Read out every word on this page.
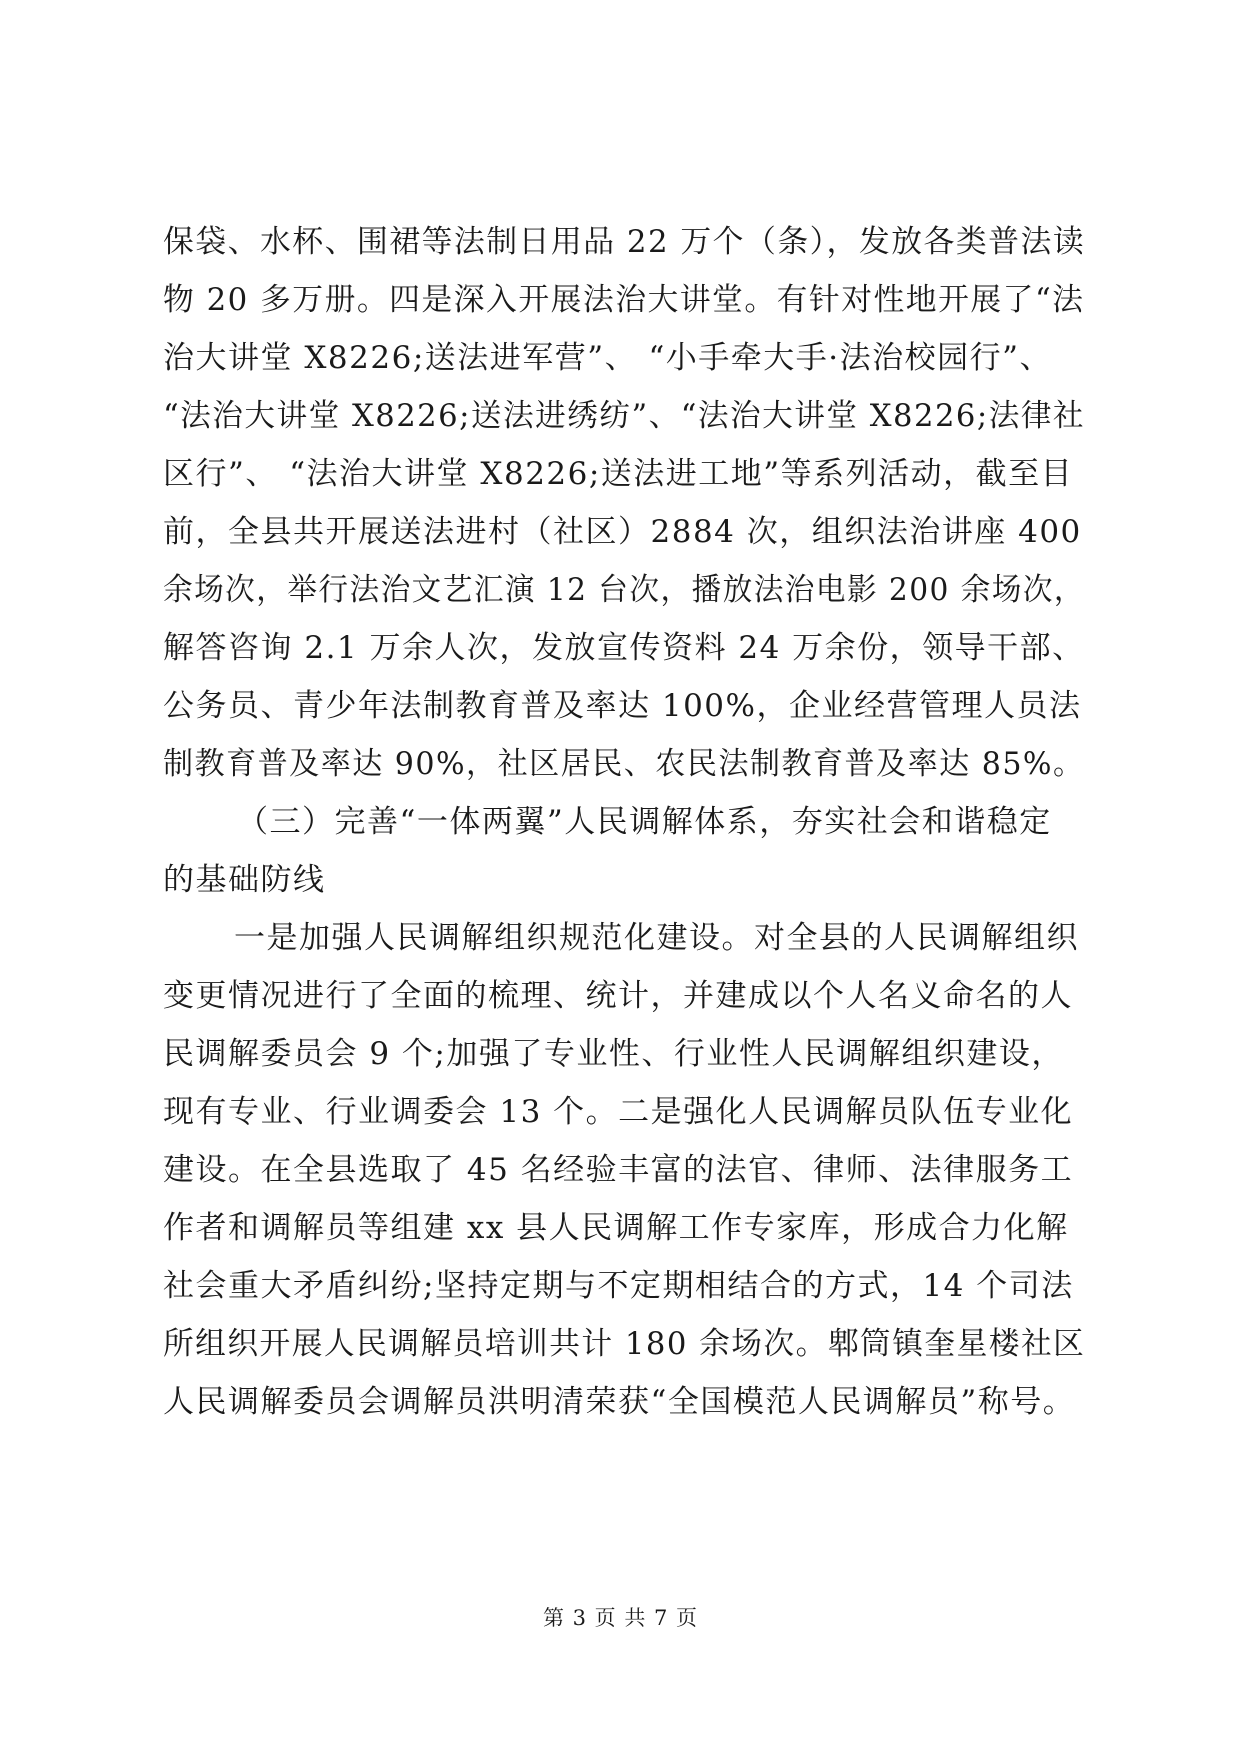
保袋、水杯、围裙等法制日用品 22 万个（条），发放各类普法读
物 20 多万册。四是深入开展法治大讲堂。有针对性地开展了“法
治大讲堂 X8226;送法进军营”、 “小手牵大手·法治校园行”、
“法治大讲堂 X8226;送法进绣纺”、“法治大讲堂 X8226;法律社
区行”、 “法治大讲堂 X8226;送法进工地”等系列活动，截至目
前，全县共开展送法进村（社区）2884 次，组织法治讲座 400
余场次，举行法治文艺汇演 12 台次，播放法治电影 200 余场次，
解答咨询 2.1 万余人次，发放宣传资料 24 万余份，领导干部、
公务员、青少年法制教育普及率达 100%，企业经营管理人员法
制教育普及率达 90%，社区居民、农民法制教育普及率达 85%。
（三）完善“一体两翼”人民调解体系，夯实社会和谐稳定
的基础防线
一是加强人民调解组织规范化建设。对全县的人民调解组织
变更情况进行了全面的梳理、统计，并建成以个人名义命名的人
民调解委员会 9 个;加强了专业性、行业性人民调解组织建设，
现有专业、行业调委会 13 个。二是强化人民调解员队伍专业化
建设。在全县选取了 45 名经验丰富的法官、律师、法律服务工
作者和调解员等组建 xx 县人民调解工作专家库，形成合力化解
社会重大矛盾纠纷;坚持定期与不定期相结合的方式，14 个司法
所组织开展人民调解员培训共计 180 余场次。郫筒镇奎星楼社区
人民调解委员会调解员洪明清荣获“全国模范人民调解员”称号。
第 3 页 共 7 页
